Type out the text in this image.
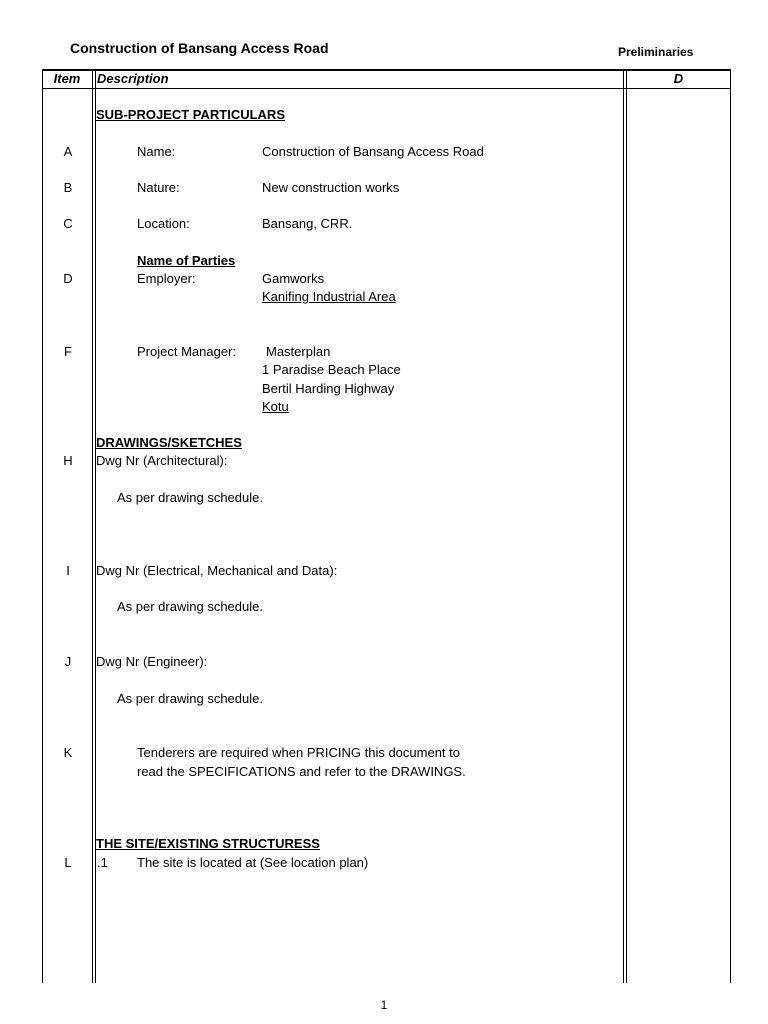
Construction of Bansang Access Road	Preliminaries
Item	Description	D
SUB-PROJECT PARTICULARS
A	Name:	Construction of Bansang Access Road
B	Nature:	New construction works
C	Location:	Bansang, CRR.
Name of Parties
D	Employer:	Gamworks
Kanifing Industrial Area
F	Project Manager: Masterplan
1 Paradise Beach Place
Bertil Harding Highway
Kotu
DRAWINGS/SKETCHES
H	Dwg Nr (Architectural):
As per drawing schedule.
I	Dwg Nr (Electrical, Mechanical and Data):
As per drawing schedule.
J	Dwg Nr (Engineer):
As per drawing schedule.
K	Tenderers are required when PRICING this document to
read the SPECIFICATIONS and refer to the DRAWINGS.
THE SITE/EXISTING STRUCTURESS
L	.1 The site is located at (See location plan)
1
